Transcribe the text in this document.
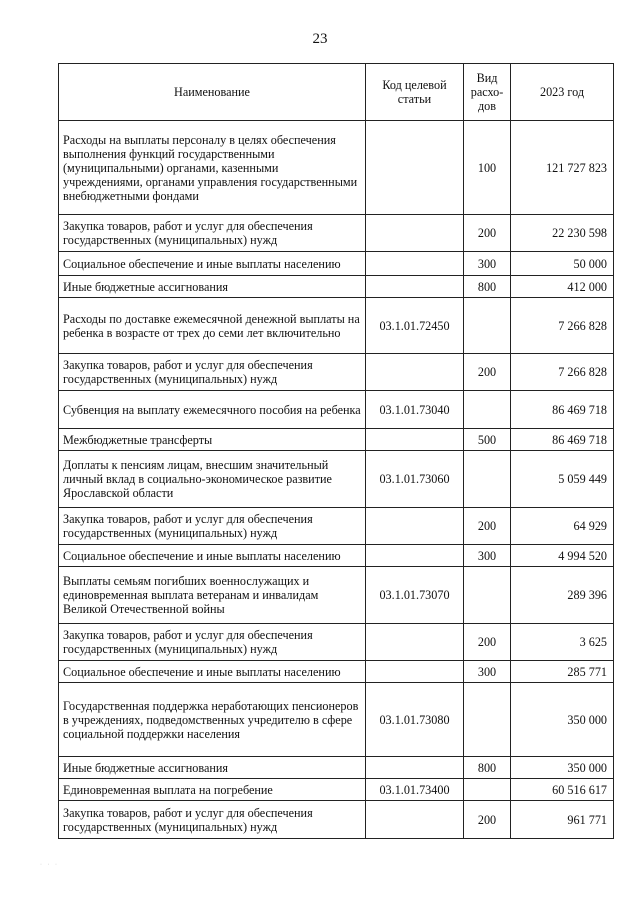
23
Наименование	Код целевой статьи	Вид расхо-дов	2023 год
Расходы на выплаты персоналу в целях обеспечения выполнения функций государственными (муниципальными) органами, казенными учреждениями, органами управления государственными внебюджетными фондами		100	121 727 823
Закупка товаров, работ и услуг для обеспечения государственных (муниципальных) нужд		200	22 230 598
Социальное обеспечение и иные выплаты населению		300	50 000
Иные бюджетные ассигнования		800	412 000
Расходы по доставке ежемесячной денежной выплаты на ребенка в возрасте от трех до семи лет включительно	03.1.01.72450		7 266 828
Закупка товаров, работ и услуг для обеспечения государственных (муниципальных) нужд		200	7 266 828
Субвенция на выплату ежемесячного пособия на ребенка	03.1.01.73040		86 469 718
Межбюджетные трансферты		500	86 469 718
Доплаты к пенсиям лицам, внесшим значительный личный вклад в социально-экономическое развитие Ярославской области	03.1.01.73060		5 059 449
Закупка товаров, работ и услуг для обеспечения государственных (муниципальных) нужд		200	64 929
Социальное обеспечение и иные выплаты населению		300	4 994 520
Выплаты семьям погибших военнослужащих и единовременная выплата ветеранам и инвалидам Великой Отечественной войны	03.1.01.73070		289 396
Закупка товаров, работ и услуг для обеспечения государственных (муниципальных) нужд		200	3 625
Социальное обеспечение и иные выплаты населению		300	285 771
Государственная поддержка неработающих пенсионеров в учреждениях, подведомственных учредителю в сфере социальной поддержки населения	03.1.01.73080		350 000
Иные бюджетные ассигнования		800	350 000
Единовременная выплата на погребение	03.1.01.73400		60 516 617
Закупка товаров, работ и услуг для обеспечения государственных (муниципальных) нужд		200	961 771
· · ·
